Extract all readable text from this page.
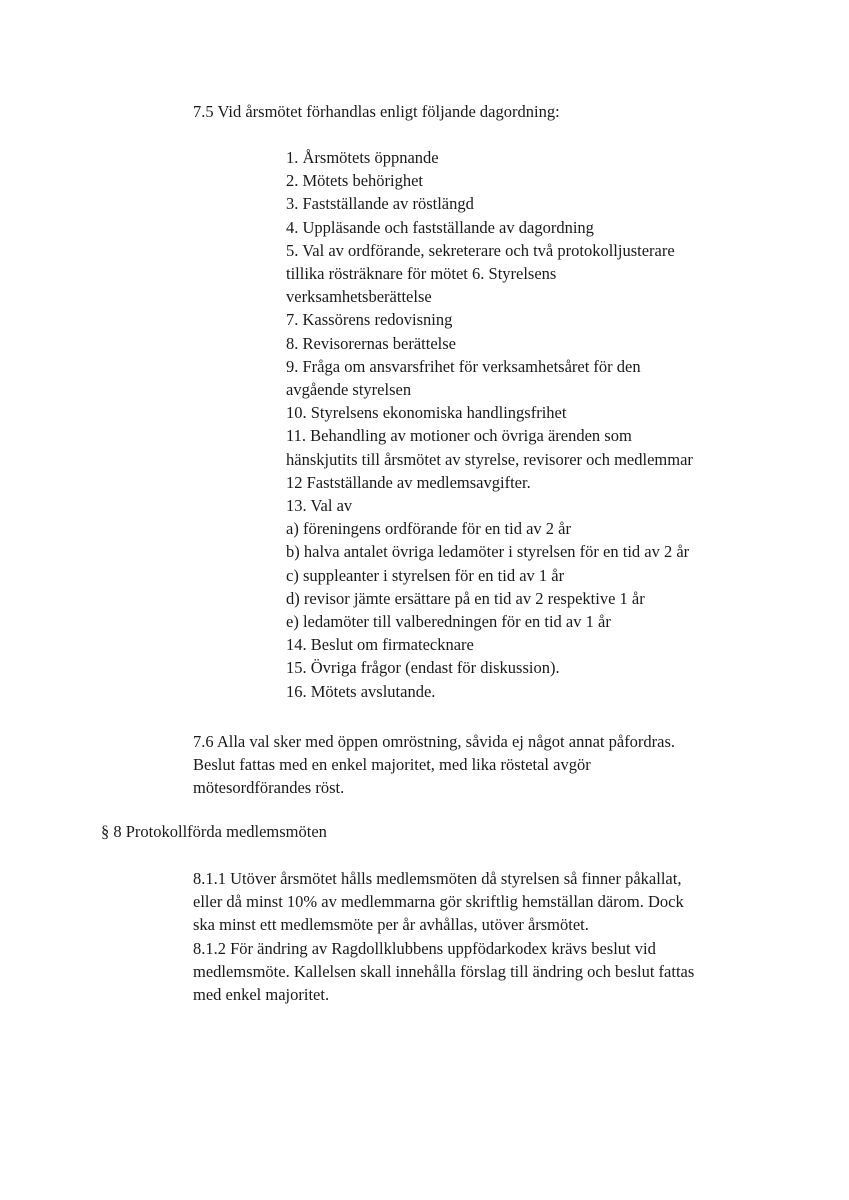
7.5 Vid årsmötet förhandlas enligt följande dagordning:
1. Årsmötets öppnande
2. Mötets behörighet
3. Fastställande av röstlängd
4. Uppläsande och fastställande av dagordning
5. Val av ordförande, sekreterare och två protokolljusterare
tillika rösträknare för mötet 6. Styrelsens
verksamhetsberättelse
7. Kassörens redovisning
8. Revisorernas berättelse
9. Fråga om ansvarsfrihet för verksamhetsåret för den
avgående styrelsen
10. Styrelsens ekonomiska handlingsfrihet
11. Behandling av motioner och övriga ärenden som
hänskjutits till årsmötet av styrelse, revisorer och medlemmar
12 Fastställande av medlemsavgifter.
13. Val av
a) föreningens ordförande för en tid av 2 år
b) halva antalet övriga ledamöter i styrelsen för en tid av 2 år
c) suppleanter i styrelsen för en tid av 1 år
d) revisor jämte ersättare på en tid av 2 respektive 1 år
e) ledamöter till valberedningen för en tid av 1 år
14. Beslut om firmatecknare
15. Övriga frågor (endast för diskussion).
16. Mötets avslutande.
7.6 Alla val sker med öppen omröstning, såvida ej något annat påfordras.
Beslut fattas med en enkel majoritet, med lika röstetal avgör
mötesordförandes röst.
§ 8 Protokollförda medlemsmöten
8.1.1 Utöver årsmötet hålls medlemsmöten då styrelsen så finner påkallat,
eller då minst 10% av medlemmarna gör skriftlig hemställan därom. Dock
ska minst ett medlemsmöte per år avhållas, utöver årsmötet.
8.1.2 För ändring av Ragdollklubbens uppfödarkodex krävs beslut vid
medlemsmöte. Kallelsen skall innehålla förslag till ändring och beslut fattas
med enkel majoritet.
